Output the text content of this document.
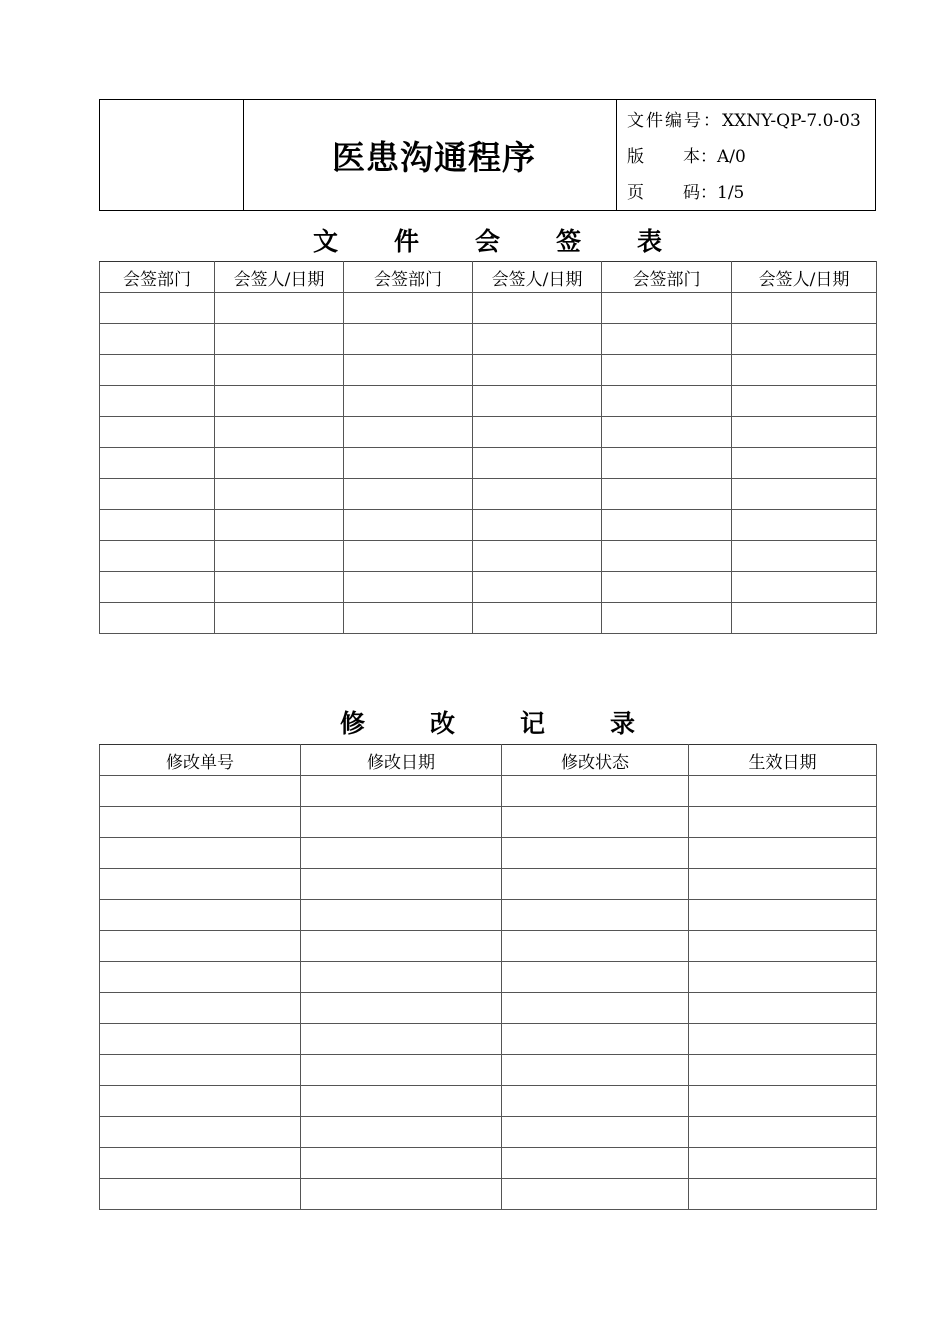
医患沟通程序
文件编号：XXNY-QP-7.0-03
版 本：A/0
页 码：1/5
文 件 会 签 表
会签部门	会签人/日期	会签部门	会签人/日期	会签部门	会签人/日期

修	改	记	录
修改单号	修改日期	修改状态	生效日期
